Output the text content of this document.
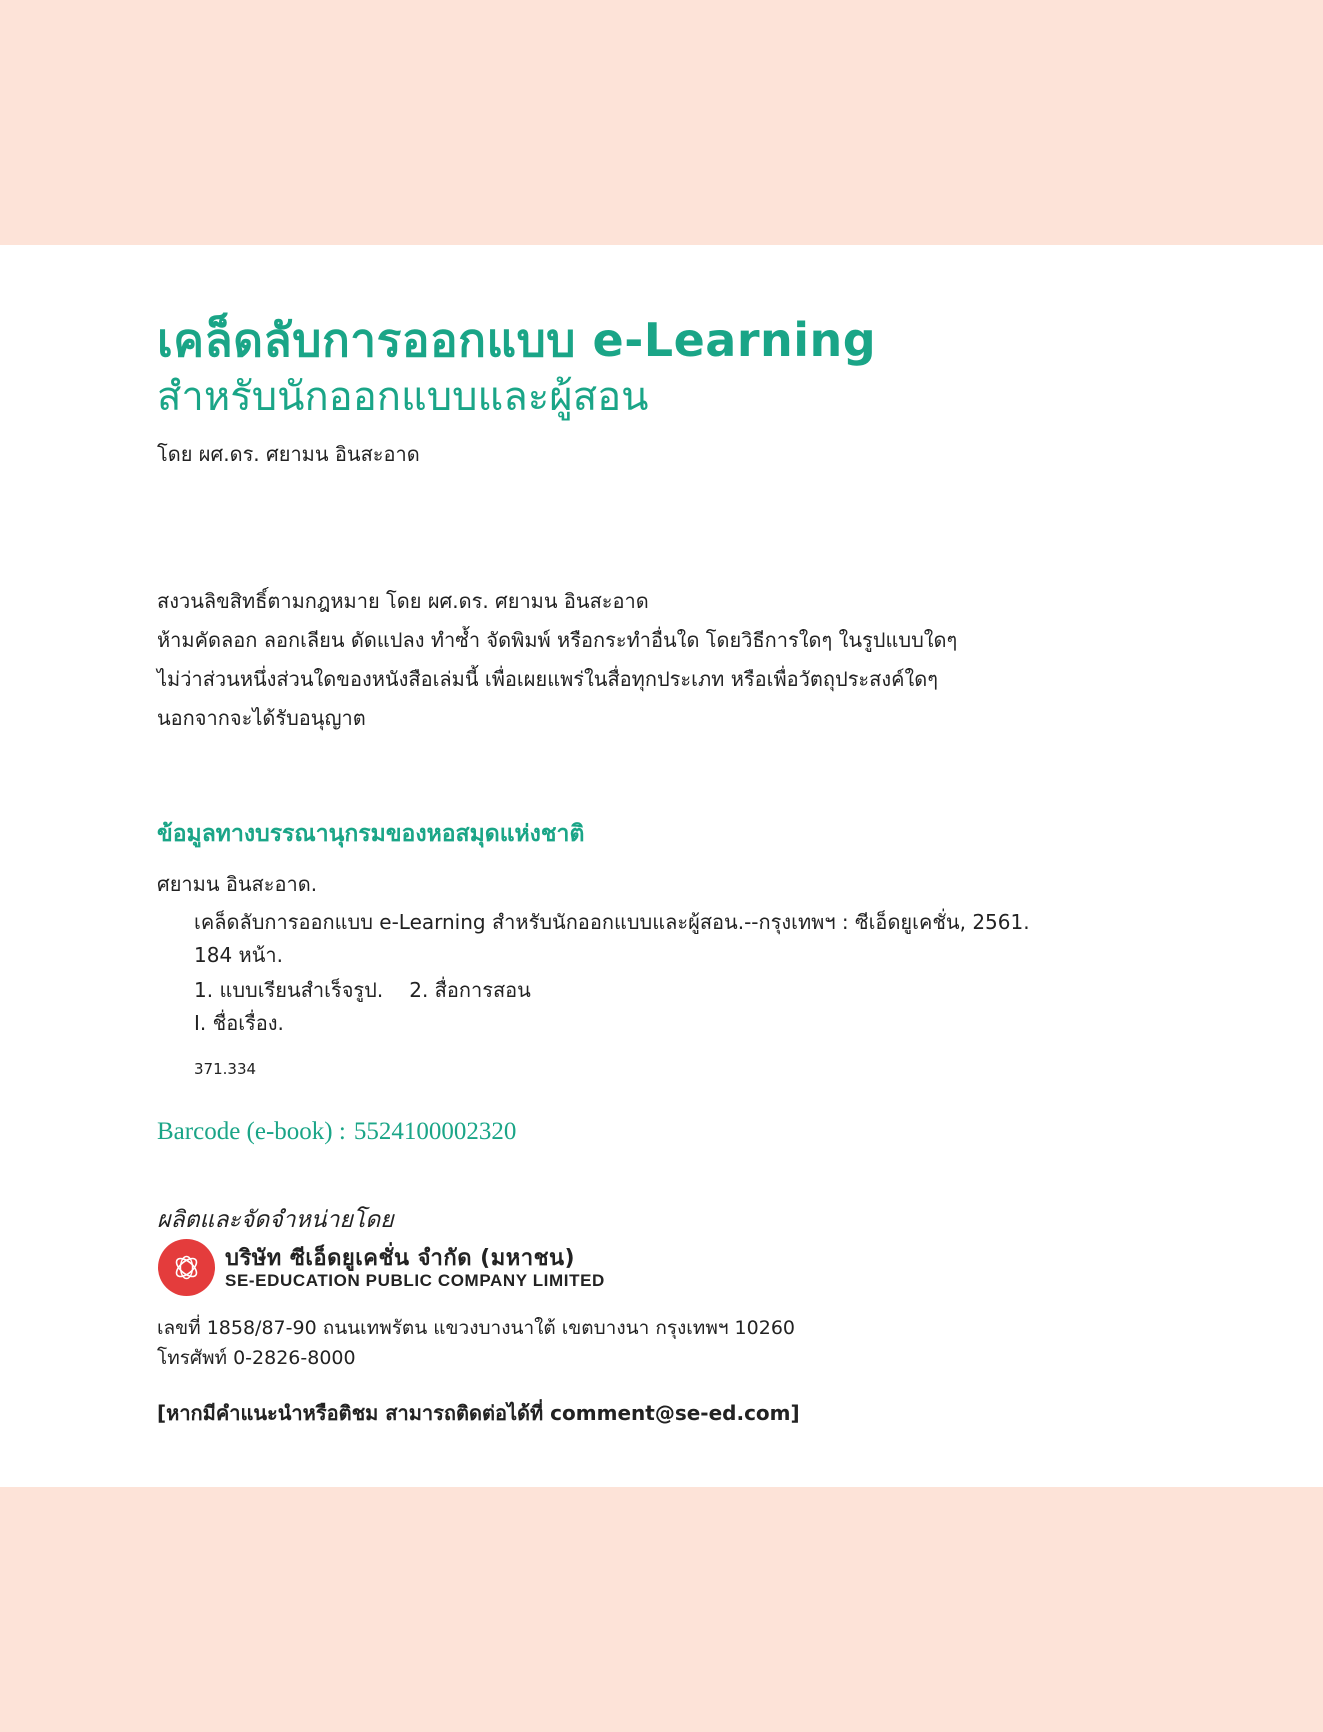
เคล็ดลับการออกแบบ e-Learning
สำหรับนักออกแบบและผู้สอน
โดย ผศ.ดร. ศยามน อินสะอาด
สงวนลิขสิทธิ์ตามกฎหมาย โดย ผศ.ดร. ศยามน อินสะอาด
ห้ามคัดลอก ลอกเลียน ดัดแปลง ทำซ้ำ จัดพิมพ์ หรือกระทำอื่นใด โดยวิธีการใดๆ ในรูปแบบใดๆ
ไม่ว่าส่วนหนึ่งส่วนใดของหนังสือเล่มนี้ เพื่อเผยแพร่ในสื่อทุกประเภท หรือเพื่อวัตถุประสงค์ใดๆ
นอกจากจะได้รับอนุญาต
ข้อมูลทางบรรณานุกรมของหอสมุดแห่งชาติ
ศยามน อินสะอาด.
เคล็ดลับการออกแบบ e-Learning สำหรับนักออกแบบและผู้สอน.--กรุงเทพฯ : ซีเอ็ดยูเคชั่น, 2561.
184 หน้า.
1. แบบเรียนสำเร็จรูป. 2. สื่อการสอน
I. ชื่อเรื่อง.
371.334
Barcode (e-book) : 5524100002320
ผลิตและจัดจำหน่ายโดย
บริษัท ซีเอ็ดยูเคชั่น จำกัด (มหาชน)
SE-EDUCATION PUBLIC COMPANY LIMITED
เลขที่ 1858/87-90 ถนนเทพรัตน แขวงบางนาใต้ เขตบางนา กรุงเทพฯ 10260
โทรศัพท์ 0-2826-8000
[หากมีคำแนะนำหรือติชม สามารถติดต่อได้ที่ comment@se-ed.com]
